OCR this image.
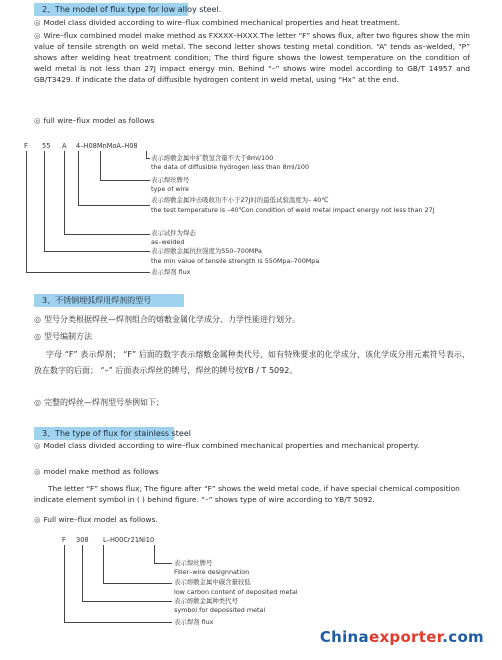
2、The model of flux type for low alloy steel.

◎ Model class divided according to wire–flux combined mechanical properties and heat treatment.

◎ Wire–flux combined model make method as FXXXX–HXXX.The letter “F” shows flux, after two figures show the min value of tensile strength on weld metal. The second letter shows testing metal condition. “A” tends as–welded, “P” shows after welding heat treatment condition; The third figure shows the lowest temperature on the condition of weld metal is not less than 27J impact energy min. Behind “–” shows wire model according to GB/T 14957 and GB/T3429. If indicate the data of diffusible hydrogen content in weld metal, using “Hx” at the end.

◎ full wire–flux model as follows

F 55 A 4–H08MnMoA–H08
表示熔敷金属中扩散氢含量不大于8ml/100
the data of diffusible hydrogen less than 8ml/100
表示焊丝牌号
type of wire
表示熔敷金属冲击吸收功不小于27J时的最低试验温度为– 40℃
the test temperature is –40℃on condition of weld metal impact energy not less than 27J
表示试件为焊态
as–welded
表示熔敷金属抗拉强度为550–700MPa
the min value of tensile strength is 550Mpa–700Mpa
表示焊剂 flux
3、不锈钢埋弧焊用焊剂的型号

◎ 型号分类根据焊丝—焊剂组合的熔敷金属化学成分、力学性能进行划分。

◎ 型号编制方法

字母 “F” 表示焊剂； “F” 后面的数字表示熔敷金属种类代号，如有特殊要求的化学成分，该化学成分用元素符号表示，放在数字的后面； “–” 后面表示焊丝的牌号，焊丝的牌号按YB / T 5092。

◎ 完整的焊丝—焊剂型号举例如下；

3、The type of flux for stainless steel

◎ Model class divided according to wire–flux combined mechanical properties and mechanical property.

◎ model make method as follows

The letter “F” shows flux; The figure after “F” shows the weld metal code, if have special chemical composition indicate element symbol in ( ) behind figure. “–” shows type of wire according to YB/T 5092.

◎ Full wire–flux model as follows.

F 308 L–H00Cr21Ni10
表示焊丝牌号
Filler–wire designnation
表示熔敷金属中碳含量较低
low carbon content of deposited metal
表示熔敷金属种类代号
symbol for depossited metal
表示焊剂 flux
Chinaexporter.com
